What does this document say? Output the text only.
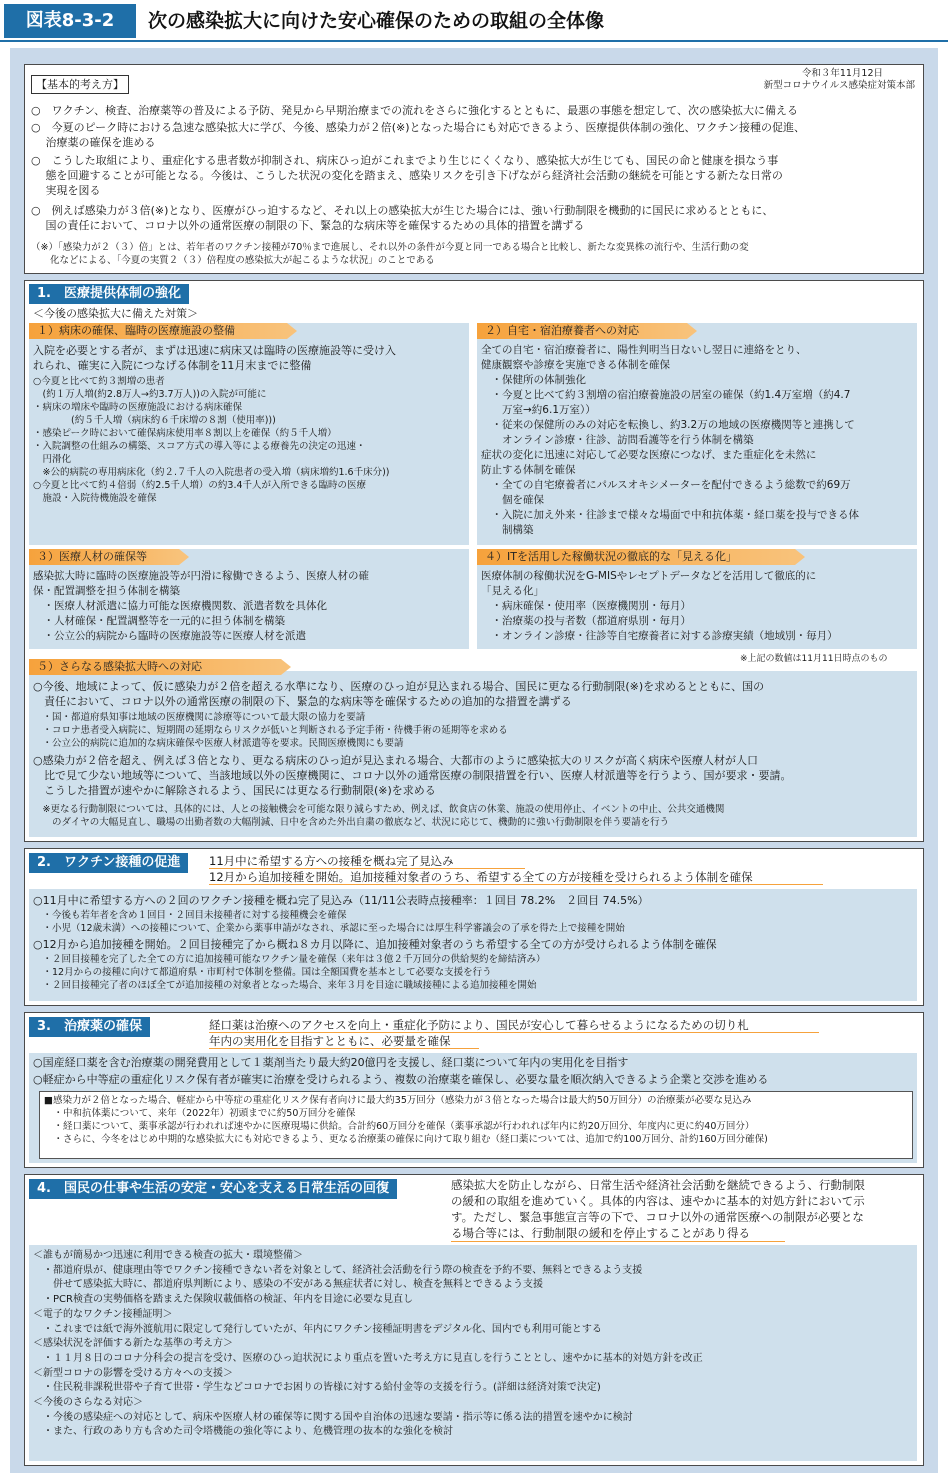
図表8-3-2	次の感染拡大に向けた安心確保のための取組の全体像
【基本的考え方】
令和３年11月12日
新型コロナウイルス感染症対策本部
○　ワクチン、検査、治療薬等の普及による予防、発見から早期治療までの流れをさらに強化するとともに、最悪の事態を想定して、次の感染拡大に備える
○　今夏のピーク時における急速な感染拡大に学び、今後、感染力が２倍(※)となった場合にも対応できるよう、医療提供体制の強化、ワクチン接種の促進、
　 治療薬の確保を進める
○　こうした取組により、重症化する患者数が抑制され、病床ひっ迫がこれまでより生じにくくなり、感染拡大が生じても、国民の命と健康を損なう事
　 態を回避することが可能となる。今後は、こうした状況の変化を踏まえ、感染リスクを引き下げながら経済社会活動の継続を可能とする新たな日常の
　 実現を図る
○　例えば感染力が３倍(※)となり、医療がひっ迫するなど、それ以上の感染拡大が生じた場合には、強い行動制限を機動的に国民に求めるとともに、
　 国の責任において、コロナ以外の通常医療の制限の下、緊急的な病床等を確保するための具体的措置を講ずる
（※）「感染力が２（３）倍」とは、若年者のワクチン接種が70％まで進展し、それ以外の条件が今夏と同一である場合と比較し、新たな変異株の流行や、生活行動の変
　　化などによる、「今夏の実質２（３）倍程度の感染拡大が起こるような状況」のことである
1.　医療提供体制の強化
＜今後の感染拡大に備えた対策＞
１）病床の確保、臨時の医療施設の整備
入院を必要とする者が、まずは迅速に病床又は臨時の医療施設等に受け入
れられ、確実に入院につなげる体制を11月末までに整備
○今夏と比べて約３割増の患者
　(約１万人増(約2.8万人→約3.7万人))の入院が可能に
・病床の増床や臨時の医療施設における病床確保
　　　　(約５千人増（病床約６千床増の８割（使用率)))
・感染ピーク時において確保病床使用率８割以上を確保（約５千人増）
・入院調整の仕組みの構築、スコア方式の導入等による療養先の決定の迅速・
　円滑化
　※公的病院の専用病床化（約２.７千人の入院患者の受入増（病床増約1.6千床分))
○今夏と比べて約４倍弱（約2.5千人増）の約3.4千人が入所できる臨時の医療
　施設・入院待機施設を確保
２）自宅・宿泊療養者への対応
全ての自宅・宿泊療養者に、陽性判明当日ないし翌日に連絡をとり、
健康観察や診療を実施できる体制を確保
　・保健所の体制強化
　・今夏と比べて約３割増の宿泊療養施設の居室の確保（約1.4万室増（約4.7
　　万室→約6.1万室））
　・従来の保健所のみの対応を転換し、約3.2万の地域の医療機関等と連携して
　　オンライン診療・往診、訪問看護等を行う体制を構築
症状の変化に迅速に対応して必要な医療につなげ、また重症化を未然に
防止する体制を確保
　・全ての自宅療養者にパルスオキシメーターを配付できるよう総数で約69万
　　個を確保
　・入院に加え外来・往診まで様々な場面で中和抗体薬・経口薬を投与できる体
　　制構築
３）医療人材の確保等
感染拡大時に臨時の医療施設等が円滑に稼働できるよう、医療人材の確
保・配置調整を担う体制を構築
　・医療人材派遣に協力可能な医療機関数、派遣者数を具体化
　・人材確保・配置調整等を一元的に担う体制を構築
　・公立公的病院から臨時の医療施設等に医療人材を派遣
４）ITを活用した稼働状況の徹底的な「見える化」
医療体制の稼働状況をG-MISやレセプトデータなどを活用して徹底的に
「見える化」
　・病床確保・使用率（医療機関別・毎月）
　・治療薬の投与者数（都道府県別・毎月）
　・オンライン診療・往診等自宅療養者に対する診療実績（地域別・毎月）
※上記の数値は11月11日時点のもの
５）さらなる感染拡大時への対応
○今後、地域によって、仮に感染力が２倍を超える水準になり、医療のひっ迫が見込まれる場合、国民に更なる行動制限(※)を求めるとともに、国の
　責任において、コロナ以外の通常医療の制限の下、緊急的な病床等を確保するための追加的な措置を講ずる
　・国・都道府県知事は地域の医療機関に診療等について最大限の協力を要請
　・コロナ患者受入病院に、短期間の延期ならリスクが低いと判断される予定手術・待機手術の延期等を求める
　・公立公的病院に追加的な病床確保や医療人材派遣等を要求。民間医療機関にも要請
○感染力が２倍を超え、例えば３倍となり、更なる病床のひっ迫が見込まれる場合、大都市のように感染拡大のリスクが高く病床や医療人材が人口
　比で見て少ない地域等について、当該地域以外の医療機関に、コロナ以外の通常医療の制限措置を行い、医療人材派遣等を行うよう、国が要求・要請。
　こうした措置が速やかに解除されるよう、国民には更なる行動制限(※)を求める
　※更なる行動制限については、具体的には、人との接触機会を可能な限り減らすため、例えば、飲食店の休業、施設の使用停止、イベントの中止、公共交通機関
　　のダイヤの大幅見直し、職場の出勤者数の大幅削減、日中を含めた外出自粛の徹底など、状況に応じて、機動的に強い行動制限を伴う要請を行う
2.　ワクチン接種の促進	11月中に希望する方への接種を概ね完了見込み
12月から追加接種を開始。追加接種対象者のうち、希望する全ての方が接種を受けられるよう体制を確保
○11月中に希望する方への２回のワクチン接種を概ね完了見込み（11/11公表時点接種率：１回目 78.2%　２回目 74.5%）
　・今後も若年者を含め１回目・２回目未接種者に対する接種機会を確保
　・小児（12歳未満）への接種について、企業から薬事申請がなされ、承認に至った場合には厚生科学審議会の了承を得た上で接種を開始
○12月から追加接種を開始。２回目接種完了から概ね８カ月以降に、追加接種対象者のうち希望する全ての方が受けられるよう体制を確保
　・２回目接種を完了した全ての方に追加接種可能なワクチン量を確保（来年は３億２千万回分の供給契約を締結済み）
　・12月からの接種に向けて都道府県・市町村で体制を整備。国は全額国費を基本として必要な支援を行う
　・２回目接種完了者のほぼ全てが追加接種の対象者となった場合、来年３月を目途に職域接種による追加接種を開始
3.　治療薬の確保	経口薬は治療へのアクセスを向上・重症化予防により、国民が安心して暮らせるようになるための切り札
年内の実用化を目指すとともに、必要量を確保
○国産経口薬を含む治療薬の開発費用として１薬剤当たり最大約20億円を支援し、経口薬について年内の実用化を目指す
○軽症から中等症の重症化リスク保有者が確実に治療を受けられるよう、複数の治療薬を確保し、必要な量を順次納入できるよう企業と交渉を進める
■感染力が２倍となった場合、軽症から中等症の重症化リスク保有者向けに最大約35万回分（感染力が３倍となった場合は最大約50万回分）の治療薬が必要な見込み
　・中和抗体薬について、来年（2022年）初頭までに約50万回分を確保
　・経口薬について、薬事承認が行われれば速やかに医療現場に供給。合計約60万回分を確保（薬事承認が行われれば年内に約20万回分、年度内に更に約40万回分）
　・さらに、今冬をはじめ中期的な感染拡大にも対応できるよう、更なる治療薬の確保に向けて取り組む（経口薬については、追加で約100万回分、計約160万回分確保)
4.　国民の仕事や生活の安定・安心を支える日常生活の回復	感染拡大を防止しながら、日常生活や経済社会活動を継続できるよう、行動制限
の緩和の取組を進めていく。具体的内容は、速やかに基本的対処方針において示
す。ただし、緊急事態宣言等の下で、コロナ以外の通常医療への制限が必要とな
る場合等には、行動制限の緩和を停止することがあり得る
＜誰もが簡易かつ迅速に利用できる検査の拡大・環境整備＞
　・都道府県が、健康理由等でワクチン接種できない者を対象として、経済社会活動を行う際の検査を予約不要、無料とできるよう支援
　　併せて感染拡大時に、都道府県判断により、感染の不安がある無症状者に対し、検査を無料とできるよう支援
　・PCR検査の実勢価格を踏まえた保険収載価格の検証、年内を目途に必要な見直し
＜電子的なワクチン接種証明＞
　・これまでは紙で海外渡航用に限定して発行していたが、年内にワクチン接種証明書をデジタル化、国内でも利用可能とする
＜感染状況を評価する新たな基準の考え方＞
　・１１月８日のコロナ分科会の提言を受け、医療のひっ迫状況により重点を置いた考え方に見直しを行うこととし、速やかに基本的対処方針を改正
＜新型コロナの影響を受ける方々への支援＞
　・住民税非課税世帯や子育て世帯・学生などコロナでお困りの皆様に対する給付金等の支援を行う。(詳細は経済対策で決定)
＜今後のさらなる対応＞
　・今後の感染症への対応として、病床や医療人材の確保等に関する国や自治体の迅速な要請・指示等に係る法的措置を速やかに検討
　・また、行政のあり方も含めた司令塔機能の強化等により、危機管理の抜本的な強化を検討
